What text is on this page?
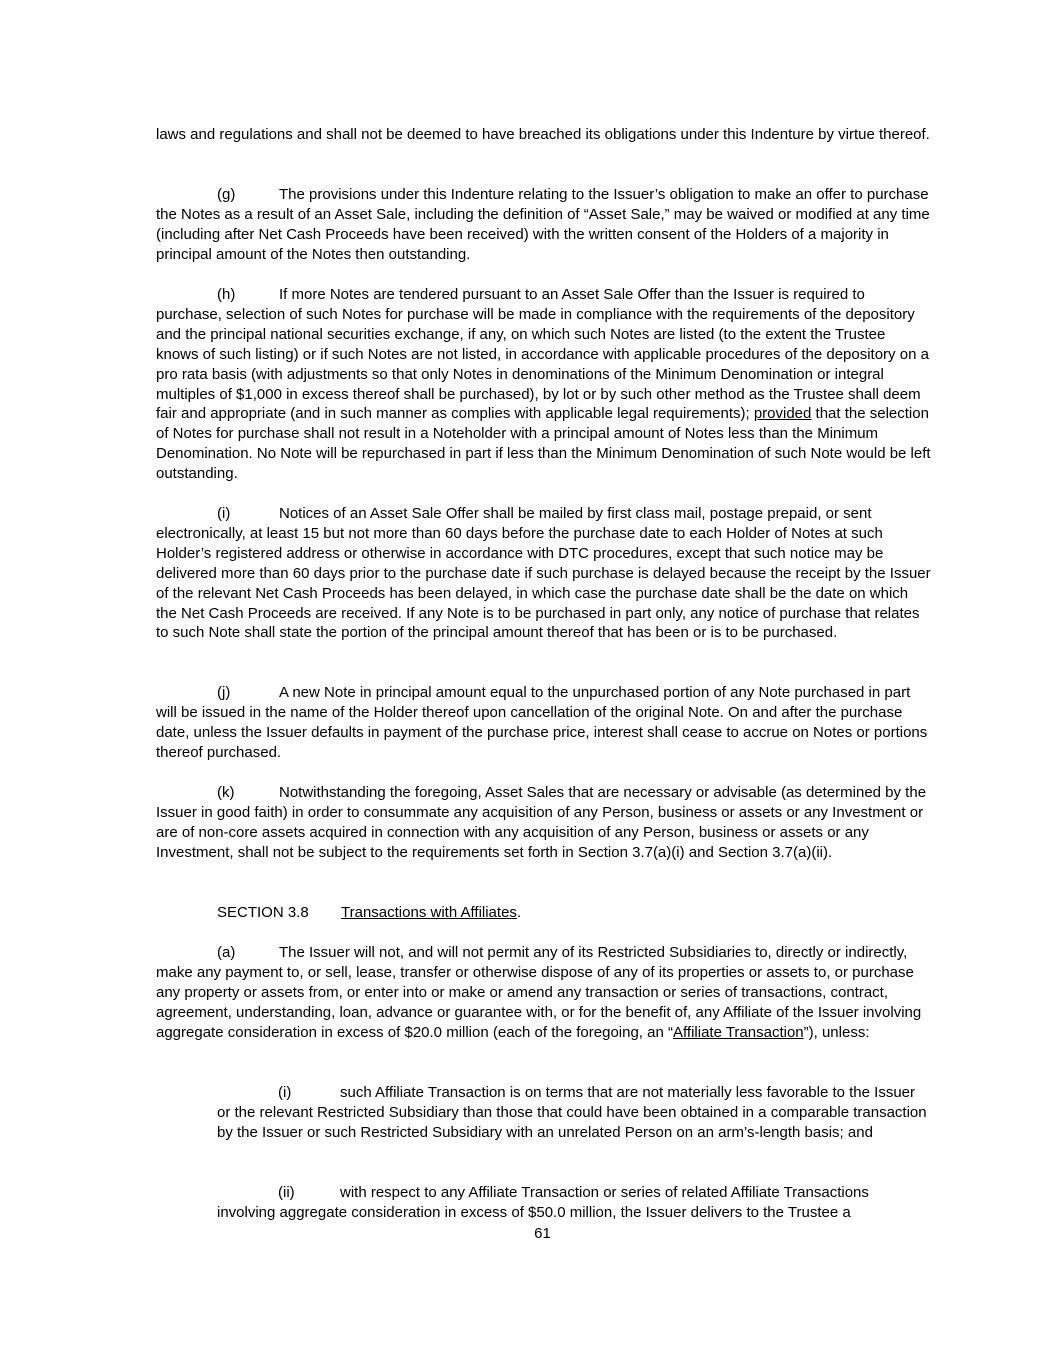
laws and regulations and shall not be deemed to have breached its obligations under this Indenture by virtue thereof.

(g)	The provisions under this Indenture relating to the Issuer’s obligation to make an offer to purchase the Notes as a result of an Asset Sale, including the definition of “Asset Sale,” may be waived or modified at any time (including after Net Cash Proceeds have been received) with the written consent of the Holders of a majority in principal amount of the Notes then outstanding.

(h)	If more Notes are tendered pursuant to an Asset Sale Offer than the Issuer is required to purchase, selection of such Notes for purchase will be made in compliance with the requirements of the depository and the principal national securities exchange, if any, on which such Notes are listed (to the extent the Trustee knows of such listing) or if such Notes are not listed, in accordance with applicable procedures of the depository on a pro rata basis (with adjustments so that only Notes in denominations of the Minimum Denomination or integral multiples of $1,000 in excess thereof shall be purchased), by lot or by such other method as the Trustee shall deem fair and appropriate (and in such manner as complies with applicable legal requirements); provided that the selection of Notes for purchase shall not result in a Noteholder with a principal amount of Notes less than the Minimum Denomination. No Note will be repurchased in part if less than the Minimum Denomination of such Note would be left outstanding.

(i)	Notices of an Asset Sale Offer shall be mailed by first class mail, postage prepaid, or sent electronically, at least 15 but not more than 60 days before the purchase date to each Holder of Notes at such Holder’s registered address or otherwise in accordance with DTC procedures, except that such notice may be delivered more than 60 days prior to the purchase date if such purchase is delayed because the receipt by the Issuer of the relevant Net Cash Proceeds has been delayed, in which case the purchase date shall be the date on which the Net Cash Proceeds are received. If any Note is to be purchased in part only, any notice of purchase that relates to such Note shall state the portion of the principal amount thereof that has been or is to be purchased.

(j)	A new Note in principal amount equal to the unpurchased portion of any Note purchased in part will be issued in the name of the Holder thereof upon cancellation of the original Note. On and after the purchase date, unless the Issuer defaults in payment of the purchase price, interest shall cease to accrue on Notes or portions thereof purchased.

(k)	Notwithstanding the foregoing, Asset Sales that are necessary or advisable (as determined by the Issuer in good faith) in order to consummate any acquisition of any Person, business or assets or any Investment or are of non-core assets acquired in connection with any acquisition of any Person, business or assets or any Investment, shall not be subject to the requirements set forth in Section 3.7(a)(i) and Section 3.7(a)(ii).

SECTION 3.8 Transactions with Affiliates.

(a)	The Issuer will not, and will not permit any of its Restricted Subsidiaries to, directly or indirectly, make any payment to, or sell, lease, transfer or otherwise dispose of any of its properties or assets to, or purchase any property or assets from, or enter into or make or amend any transaction or series of transactions, contract, agreement, understanding, loan, advance or guarantee with, or for the benefit of, any Affiliate of the Issuer involving aggregate consideration in excess of $20.0 million (each of the foregoing, an “Affiliate Transaction”), unless:

(i)	such Affiliate Transaction is on terms that are not materially less favorable to the Issuer or the relevant Restricted Subsidiary than those that could have been obtained in a comparable transaction by the Issuer or such Restricted Subsidiary with an unrelated Person on an arm’s-length basis; and

(ii)	with respect to any Affiliate Transaction or series of related Affiliate Transactions involving aggregate consideration in excess of $50.0 million, the Issuer delivers to the Trustee a

61
